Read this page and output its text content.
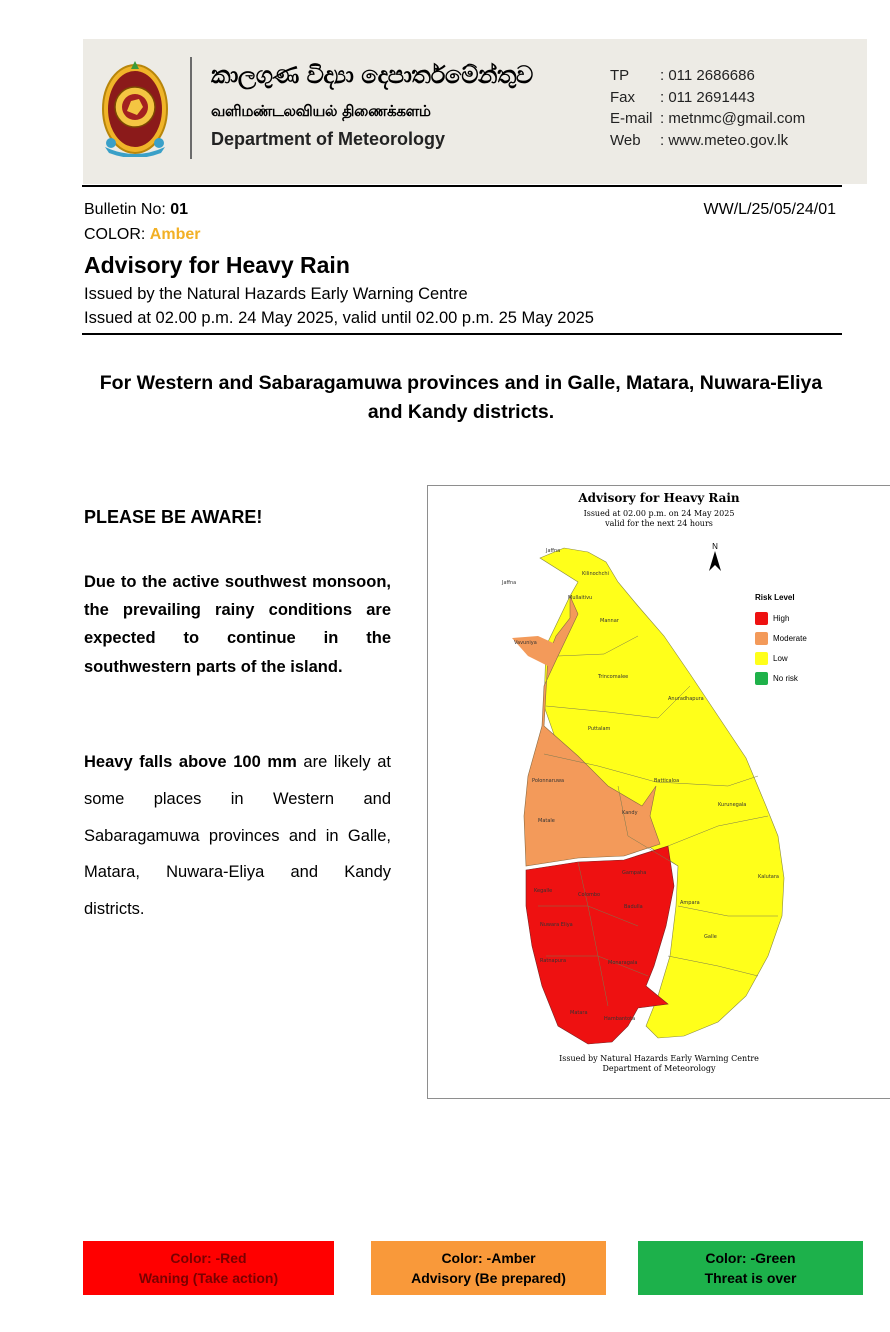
කාලගුණ විද්‍යා දෙපාර්තමේන්තුව
வளிமண்டலவியல் திணைக்களம்
Department of Meteorology
TP : 011 2686686
Fax : 011 2691443
E-mail : metnmc@gmail.com
Web : www.meteo.gov.lk
Bulletin No: 01	WW/L/25/05/24/01
COLOR: Amber
Advisory for Heavy Rain
Issued by the Natural Hazards Early Warning Centre
Issued at 02.00 p.m. 24 May 2025, valid until 02.00 p.m. 25 May 2025
For Western and Sabaragamuwa provinces and in Galle, Matara, Nuwara-Eliya and Kandy districts.
PLEASE BE AWARE!
Due to the active southwest monsoon, the prevailing rainy conditions are expected to continue in the southwestern parts of the island.
Heavy falls above 100 mm are likely at some places in Western and Sabaragamuwa provinces and in Galle, Matara, Nuwara-Eliya and Kandy districts.
Advisory for Heavy Rain
Issued at 02.00 p.m. on 24 May 2025
valid for the next 24 hours
N
Jaffna
Jaffna
Kilinochchi
Mullaitivu
Mannar
Vavuniya
Trincomalee
Anuradhapura
Puttalam
Polonnaruwa	Batticaloa
Kurunegala
Matale
Kandy
Gampaha
Kegalle
Colombo
Nuwara Eliya
Badulla
Ampara
Kalutara
Ratnapura	Monaragala
Galle
Matara
Hambantota
Risk Level
High
Moderate
Low
No risk
Issued by Natural Hazards Early Warning Centre
Department of Meteorology
Color: -Red
Waning (Take action)
Color: -Amber
Advisory (Be prepared)
Color: -Green
Threat is over
